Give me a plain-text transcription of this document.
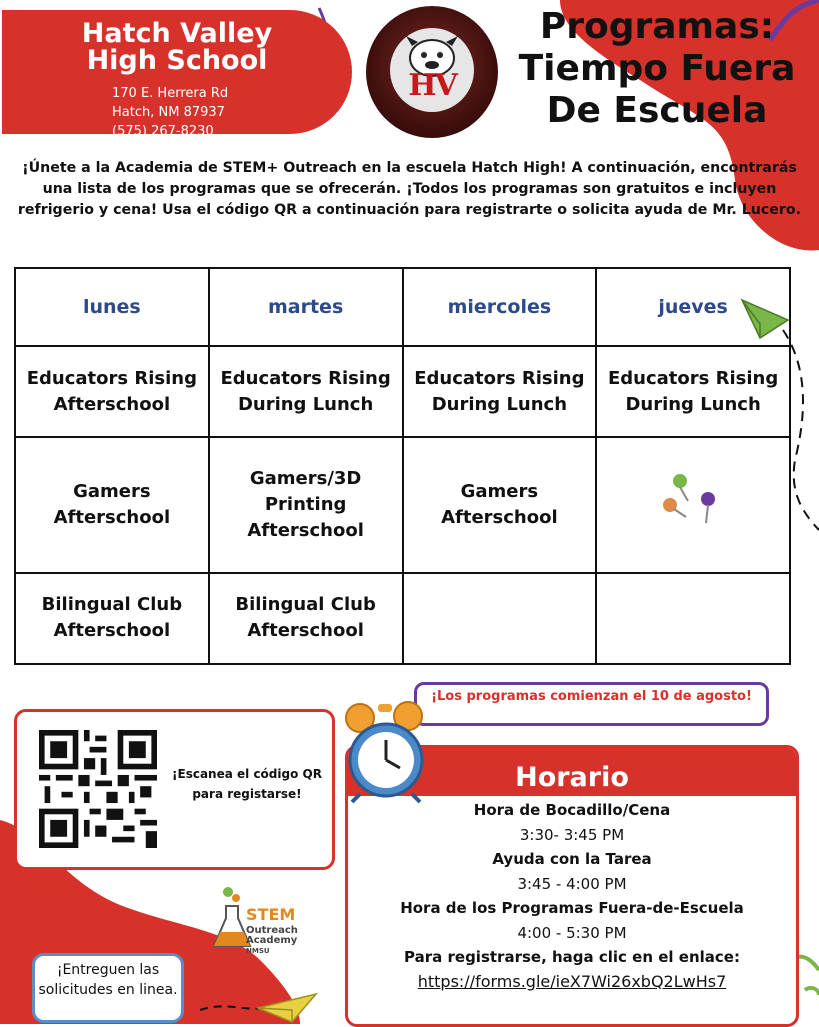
Hatch Valley High School
170 E. Herrera Rd
Hatch, NM 87937
(575) 267-8230
HV
Programas: Tiempo Fuera De Escuela
¡Únete a la Academia de STEM+ Outreach en la escuela Hatch High! A continuación, encontrarás una lista de los programas que se ofrecerán. ¡Todos los programas son gratuitos e incluyen refrigerio y cena! Usa el código QR a continuación para registrarte o solicita ayuda de Mr. Lucero.
lunes	martes	miercoles	jueves
Educators Rising Afterschool	Educators Rising During Lunch	Educators Rising During Lunch	Educators Rising During Lunch
Gamers Afterschool	Gamers/3D Printing Afterschool	Gamers Afterschool	
Bilingual Club Afterschool	Bilingual Club Afterschool		
¡Escanea el código QR para registarse!
¡Los programas comienzan el 10 de agosto!
Horario
Hora de Bocadillo/Cena
3:30- 3:45 PM
Ayuda con la Tarea
3:45 - 4:00 PM
Hora de los Programas Fuera-de-Escuela
4:00 - 5:30 PM
Para registrarse, haga clic en el enlace:
https://forms.gle/ieX7Wi26xbQ2LwHs7
STEM
Outreach
Academy
NMSU
¡Entreguen las solicitudes en linea.
